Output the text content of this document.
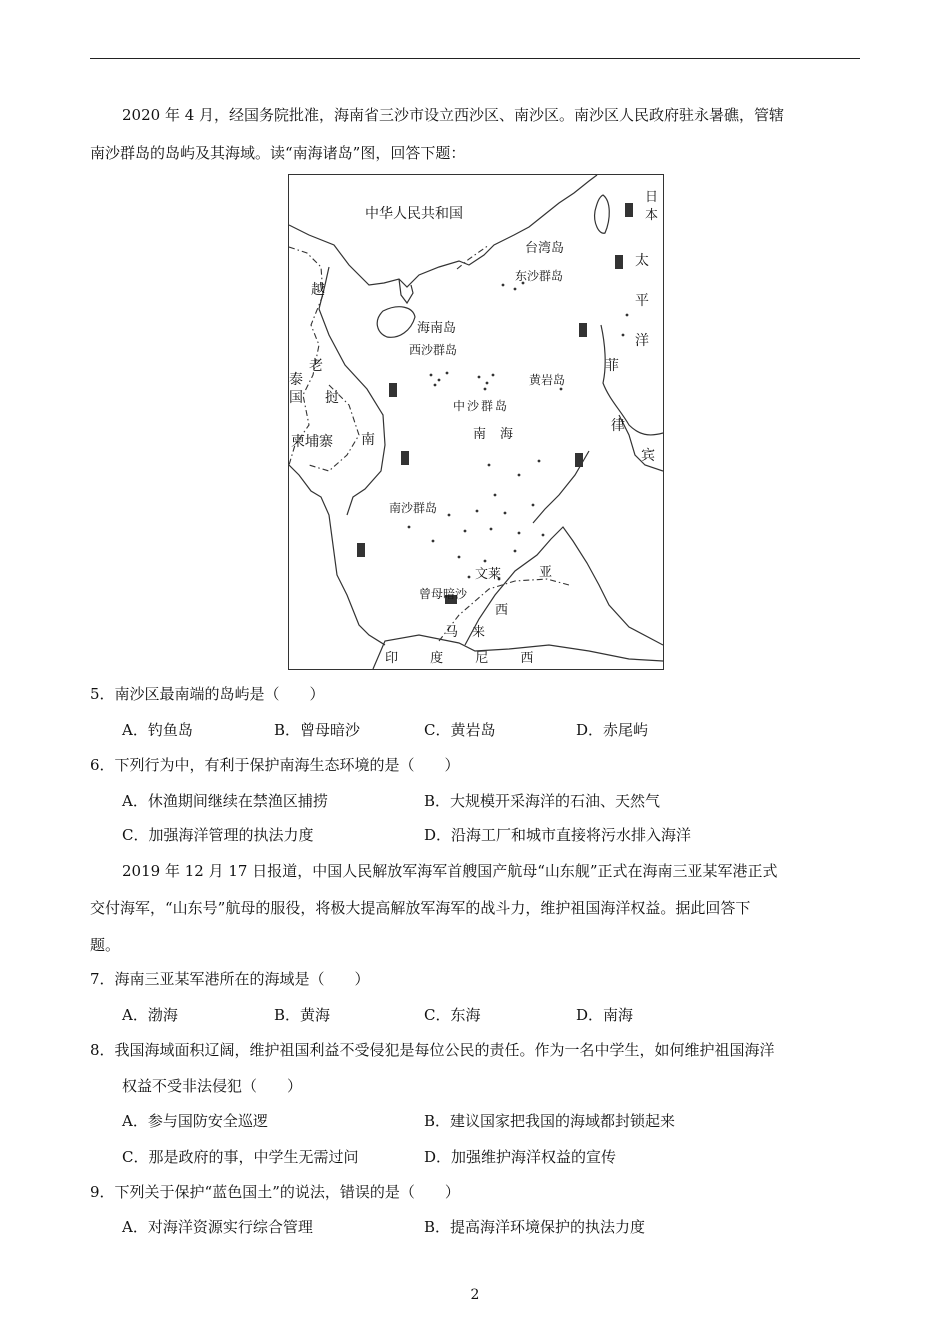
2020 年 4 月，经国务院批准，海南省三沙市设立西沙区、南沙区。南沙区人民政府驻永暑礁，管辖
南沙群岛的岛屿及其海域。读“南海诸岛”图，回答下题：
中华人民共和国
台湾岛
东沙群岛
海南岛
西沙群岛
黄岩岛
中沙群岛
南海
南沙群岛
文莱
曾母暗沙
亚
西
马来
印 度 尼 西
越
老
挝
泰国
柬埔寨 南
日本
太平洋
菲
律
宾
5．南沙区最南端的岛屿是（　　）
A．钓鱼岛	B．曾母暗沙	C．黄岩岛	D．赤尾屿
6．下列行为中，有利于保护南海生态环境的是（　　）
A．休渔期间继续在禁渔区捕捞	B．大规模开采海洋的石油、天然气
C．加强海洋管理的执法力度	D．沿海工厂和城市直接将污水排入海洋
2019 年 12 月 17 日报道，中国人民解放军海军首艘国产航母“山东舰”正式在海南三亚某军港正式
交付海军，“山东号”航母的服役，将极大提高解放军海军的战斗力，维护祖国海洋权益。据此回答下
题。
7．海南三亚某军港所在的海域是（　　）
A．渤海	B．黄海	C．东海	D．南海
8．我国海域面积辽阔，维护祖国利益不受侵犯是每位公民的责任。作为一名中学生，如何维护祖国海洋
权益不受非法侵犯（　　）
A．参与国防安全巡逻	B．建议国家把我国的海域都封锁起来
C．那是政府的事，中学生无需过问	D．加强维护海洋权益的宣传
9．下列关于保护“蓝色国土”的说法，错误的是（　　）
A．对海洋资源实行综合管理	B．提高海洋环境保护的执法力度
2
